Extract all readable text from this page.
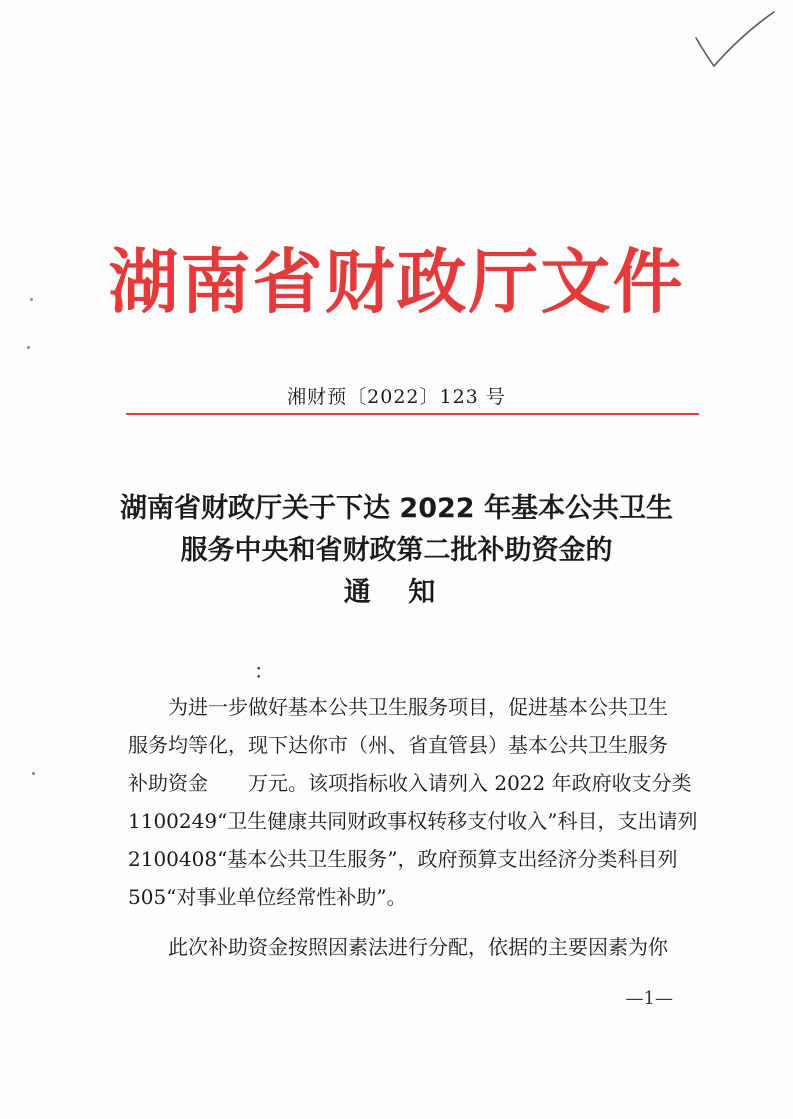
湖南省财政厅文件
湘财预〔2022〕123 号
湖南省财政厅关于下达 2022 年基本公共卫生
服务中央和省财政第二批补助资金的
通 知
：

为进一步做好基本公共卫生服务项目，促进基本公共卫生
服务均等化，现下达你市（州、省直管县）基本公共卫生服务
补助资金　　万元。该项指标收入请列入 2022 年政府收支分类
1100249“卫生健康共同财政事权转移支付收入”科目，支出请列
2100408“基本公共卫生服务”，政府预算支出经济分类科目列
505“对事业单位经常性补助”。

此次补助资金按照因素法进行分配，依据的主要因素为你

—1—
